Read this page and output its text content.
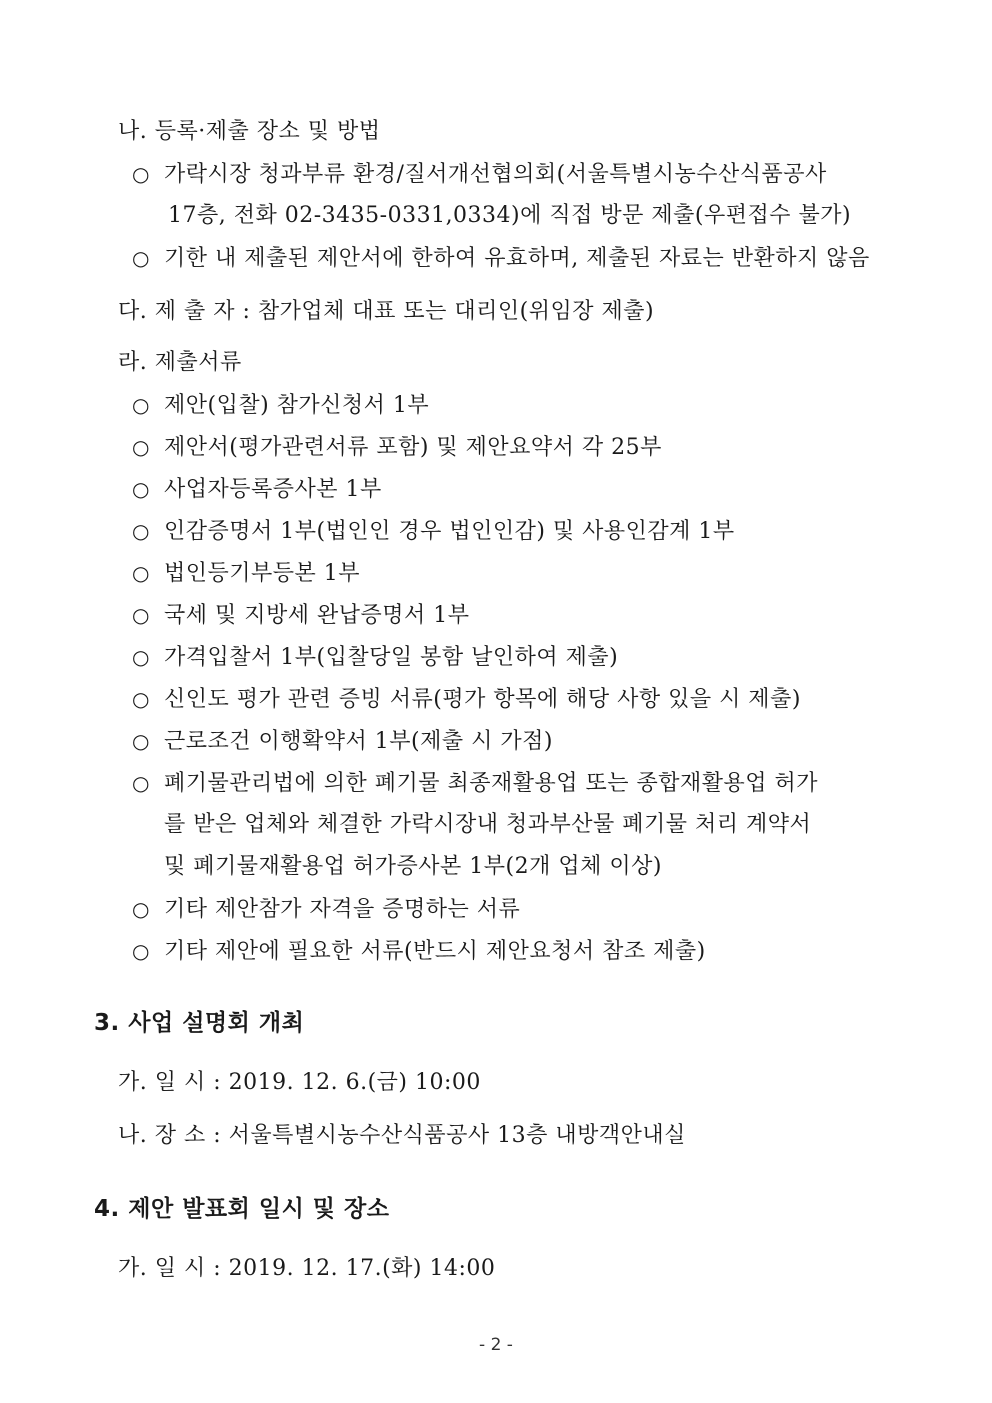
나. 등록·제출 장소 및 방법
○ 가락시장 청과부류 환경/질서개선협의회(서울특별시농수산식품공사
17층, 전화 02-3435-0331,0334)에 직접 방문 제출(우편접수 불가)
○ 기한 내 제출된 제안서에 한하여 유효하며, 제출된 자료는 반환하지 않음
다. 제 출 자 : 참가업체 대표 또는 대리인(위임장 제출)
라. 제출서류
○ 제안(입찰) 참가신청서 1부
○ 제안서(평가관련서류 포함) 및 제안요약서 각 25부
○ 사업자등록증사본 1부
○ 인감증명서 1부(법인인 경우 법인인감) 및 사용인감계 1부
○ 법인등기부등본 1부
○ 국세 및 지방세 완납증명서 1부
○ 가격입찰서 1부(입찰당일 봉함 날인하여 제출)
○ 신인도 평가 관련 증빙 서류(평가 항목에 해당 사항 있을 시 제출)
○ 근로조건 이행확약서 1부(제출 시 가점)
○ 폐기물관리법에 의한 폐기물 최종재활용업 또는 종합재활용업 허가
를 받은 업체와 체결한 가락시장내 청과부산물 폐기물 처리 계약서
및 폐기물재활용업 허가증사본 1부(2개 업체 이상)
○ 기타 제안참가 자격을 증명하는 서류
○ 기타 제안에 필요한 서류(반드시 제안요청서 참조 제출)
3. 사업 설명회 개최
가. 일 시 : 2019. 12. 6.(금) 10:00
나. 장 소 : 서울특별시농수산식품공사 13층 내방객안내실
4. 제안 발표회 일시 및 장소
가. 일 시 : 2019. 12. 17.(화) 14:00
- 2 -
